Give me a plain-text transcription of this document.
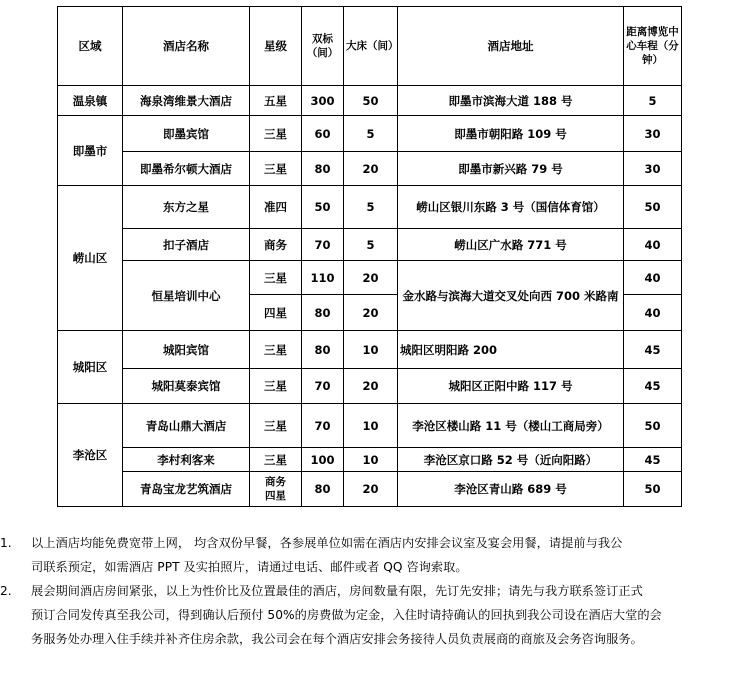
区域	酒店名称	星级	双标（间）	大床（间）	酒店地址	距离博览中心车程（分钟）
温泉镇	海泉湾维景大酒店	五星	300	50	即墨市滨海大道 188 号	5
即墨市	即墨宾馆	三星	60	5	即墨市朝阳路 109 号	30
	即墨希尔顿大酒店	三星	80	20	即墨市新兴路 79 号	30
崂山区	东方之星	准四	50	5	崂山区银川东路 3 号（国信体育馆）	50
	扣子酒店	商务	70	5	崂山区广水路 771 号	40
	恒星培训中心	三星	110	20	金水路与滨海大道交叉处向西 700 米路南	40
		四星	80	20		40
城阳区	城阳宾馆	三星	80	10	城阳区明阳路 200	45
	城阳莫泰宾馆	三星	70	20	城阳区正阳中路 117 号	45
李沧区	青岛山鼎大酒店	三星	70	10	李沧区楼山路 11 号（楼山工商局旁）	50
	李村利客来	三星	100	10	李沧区京口路 52 号（近向阳路）	45
	青岛宝龙艺筑酒店	商务四星	80	20	李沧区青山路 689 号	50
1.	以上酒店均能免费宽带上网， 均含双份早餐，各参展单位如需在酒店内安排会议室及宴会用餐，请提前与我公
司联系预定，如需酒店 PPT 及实拍照片，请通过电话、邮件或者 QQ 咨询索取。
2.	展会期间酒店房间紧张，以上为性价比及位置最佳的酒店，房间数量有限，先订先安排；请先与我方联系签订正式
预订合同发传真至我公司，得到确认后预付 50%的房费做为定金，入住时请持确认的回执到我公司设在酒店大堂的会
务服务处办理入住手续并补齐住房余款，我公司会在每个酒店安排会务接待人员负责展商的商旅及会务咨询服务。
